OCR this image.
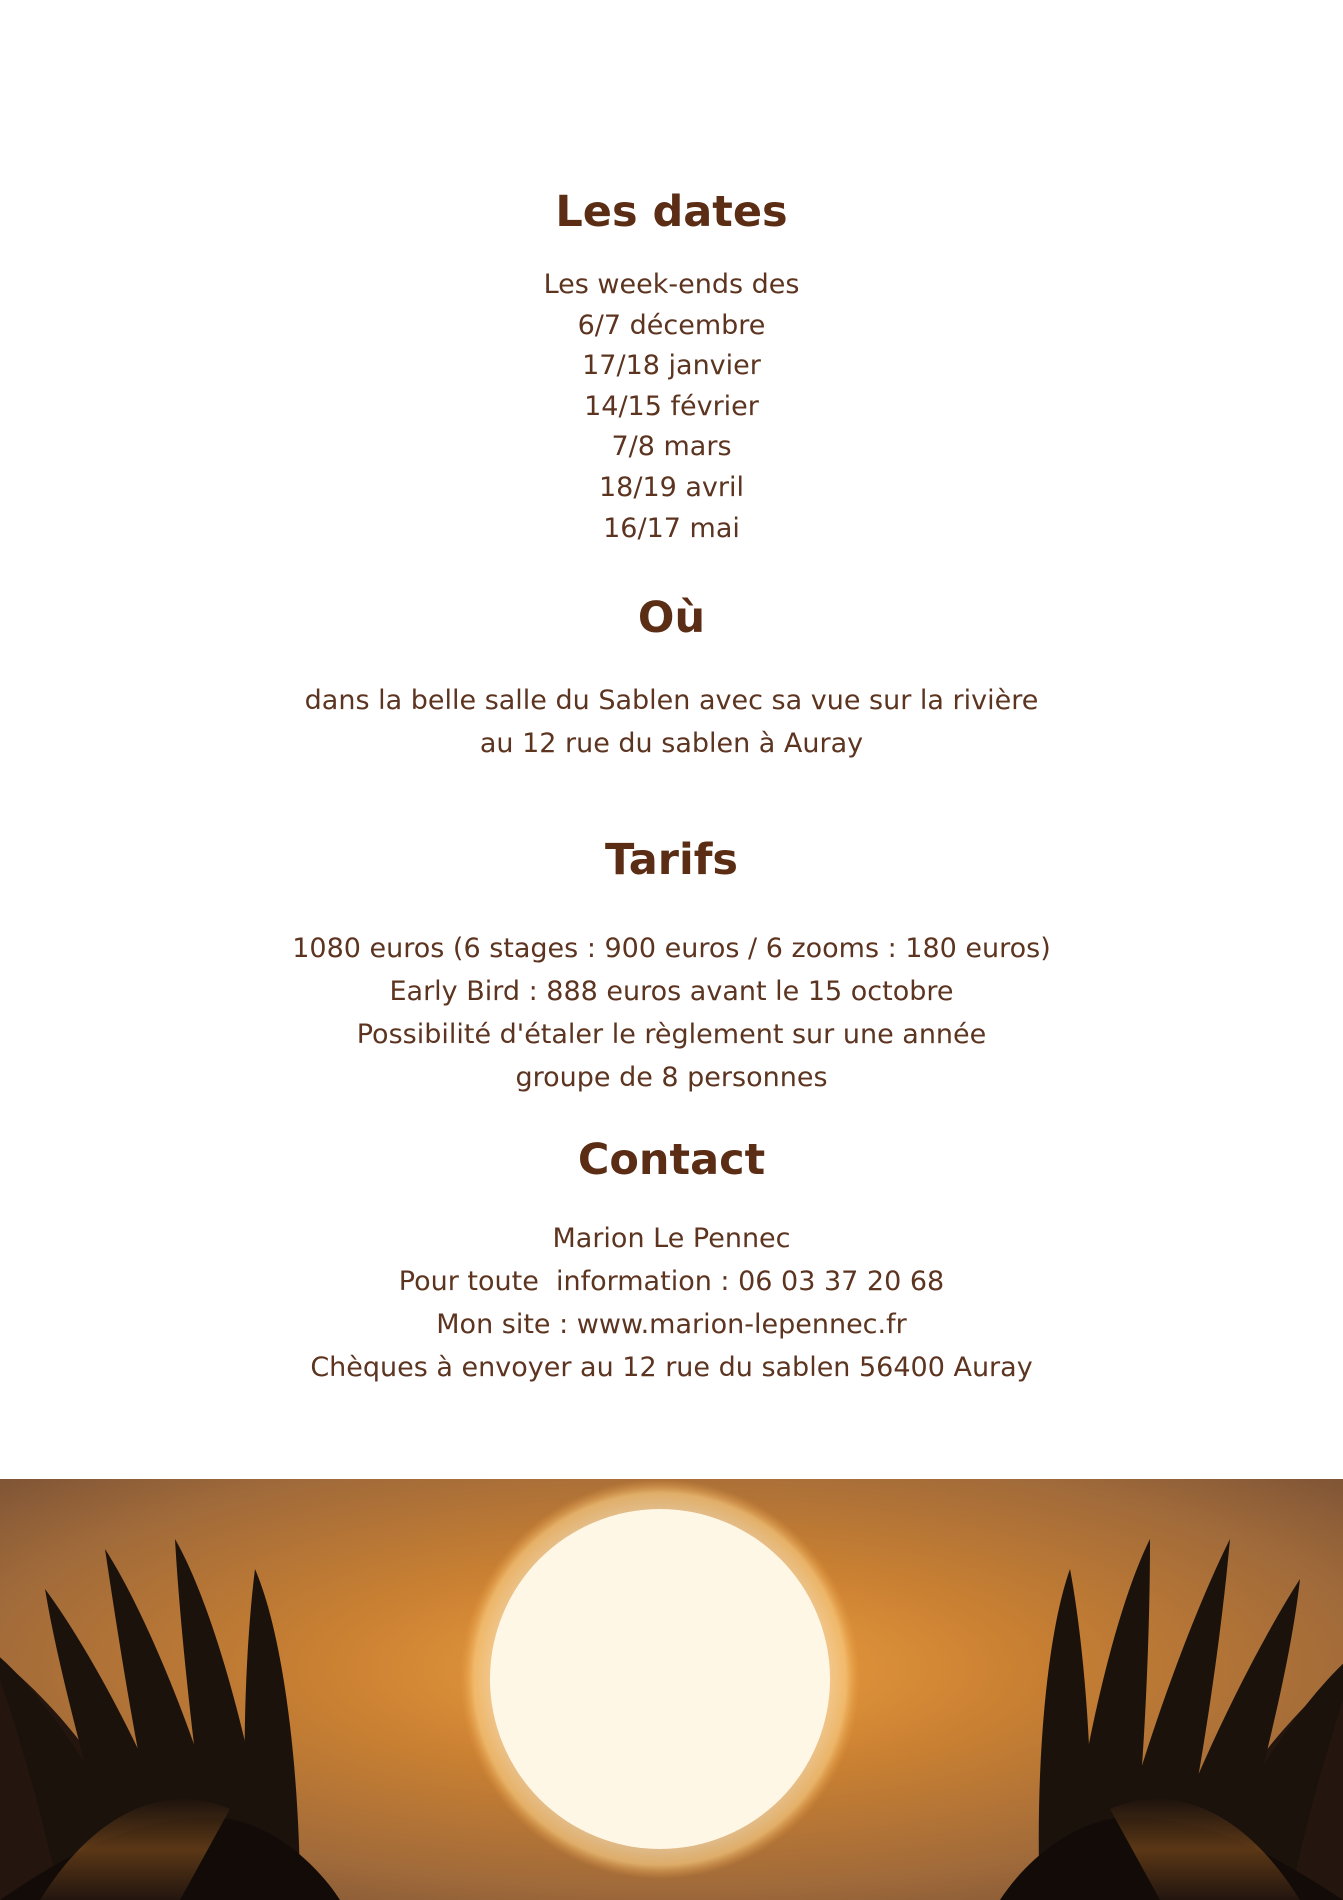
Les dates
Les week-ends des
6/7 décembre
17/18 janvier
14/15 février
7/8 mars
18/19 avril
16/17 mai
Où
dans la belle salle du Sablen avec sa vue sur la rivière
au 12 rue du sablen à Auray
Tarifs
1080 euros (6 stages : 900 euros / 6 zooms : 180 euros)
Early Bird : 888 euros avant le 15 octobre
Possibilité d'étaler le règlement sur une année
groupe de 8 personnes
Contact
Marion Le Pennec
Pour toute  information : 06 03 37 20 68
Mon site : www.marion-lepennec.fr
Chèques à envoyer au 12 rue du sablen 56400 Auray
